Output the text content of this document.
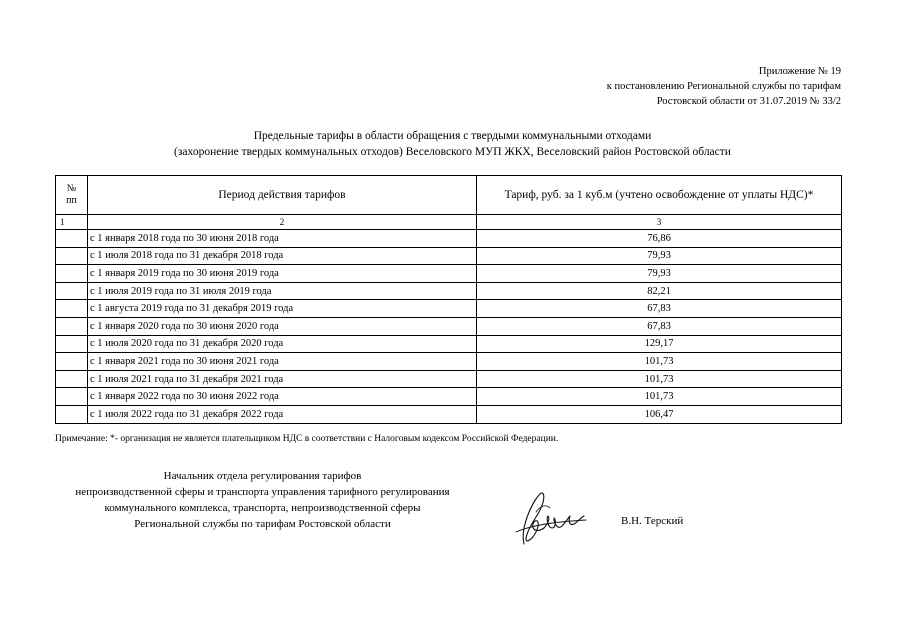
Приложение № 19
к постановлению Региональной службы по тарифам
Ростовской области от 31.07.2019 № 33/2
Предельные тарифы в области обращения с твердыми коммунальными отходами
(захоронение твердых коммунальных отходов) Веселовского МУП ЖКХ, Веселовский район Ростовской области
№
пп	Период действия тарифов	Тариф, руб. за 1 куб.м (учтено освобождение от уплаты НДС)*
1	2	3
	с 1 января 2018 года по 30 июня 2018 года	76,86
	с 1 июля 2018 года по 31 декабря 2018 года	79,93
	с 1 января 2019 года по 30 июня 2019 года	79,93
	с 1 июля 2019 года по 31 июля 2019 года	82,21
	с 1 августа 2019 года по 31 декабря 2019 года	67,83
	с 1 января 2020 года по 30 июня 2020 года	67,83
	с 1 июля 2020 года по 31 декабря 2020 года	129,17
	с 1 января 2021 года по 30 июня 2021 года	101,73
	с 1 июля 2021 года по 31 декабря 2021 года	101,73
	с 1 января 2022 года по 30 июня 2022 года	101,73
	с 1 июля 2022 года по 31 декабря 2022 года	106,47
Примечание: *- организация не является плательщиком НДС в соответствии с Налоговым кодексом Российской Федерации.
Начальник отдела регулирования тарифов
непроизводственной сферы и транспорта управления тарифного регулирования
коммунального комплекса, транспорта, непроизводственной сферы
Региональной службы по тарифам Ростовской области	В.Н. Терский
